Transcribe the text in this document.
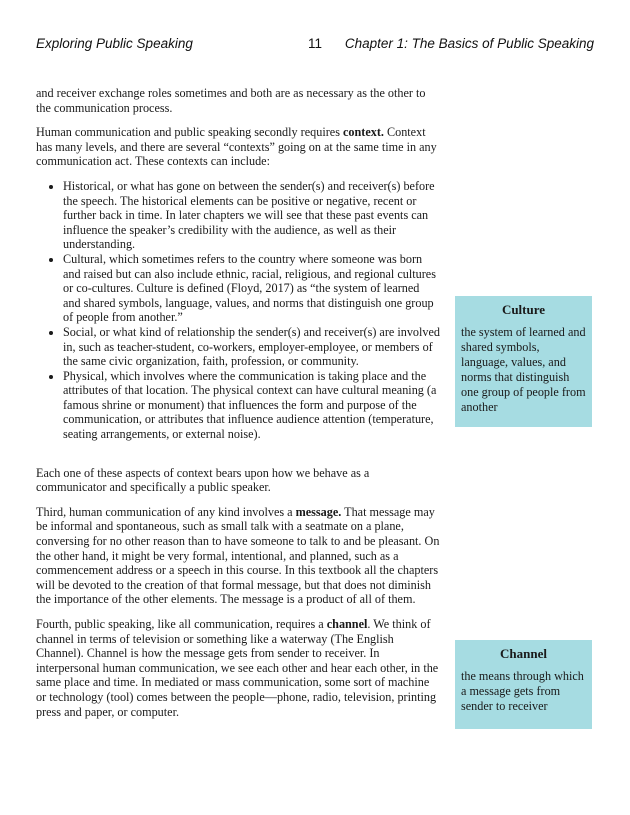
Exploring Public Speaking	11 Chapter 1: The Basics of Public Speaking

and receiver exchange roles sometimes and both are as necessary as the other to the communication process.

Human communication and public speaking secondly requires context. Context has many levels, and there are several “contexts” going on at the same time in any communication act. These contexts can include:

• Historical, or what has gone on between the sender(s) and receiver(s) before the speech. The historical elements can be positive or negative, recent or further back in time. In later chapters we will see that these past events can influence the speaker’s credibility with the audience, as well as their understanding.
• Cultural, which sometimes refers to the country where someone was born and raised but can also include ethnic, racial, religious, and regional cultures or co-cultures. Culture is defined (Floyd, 2017) as “the system of learned and shared symbols, language, values, and norms that distinguish one group of people from another.”
• Social, or what kind of relationship the sender(s) and receiver(s) are involved in, such as teacher-student, co-workers, employer-employee, or members of the same civic organization, faith, profession, or community.
• Physical, which involves where the communication is taking place and the attributes of that location. The physical context can have cultural meaning (a famous shrine or monument) that influences the form and purpose of the communication, or attributes that influence audience attention (temperature, seating arrangements, or external noise).

Each one of these aspects of context bears upon how we behave as a communicator and specifically a public speaker.

Third, human communication of any kind involves a message. That message may be informal and spontaneous, such as small talk with a seatmate on a plane, conversing for no other reason than to have someone to talk to and be pleasant. On the other hand, it might be very formal, intentional, and planned, such as a commencement address or a speech in this course. In this textbook all the chapters will be devoted to the creation of that formal message, but that does not diminish the importance of the other elements. The message is a product of all of them.

Fourth, public speaking, like all communication, requires a channel. We think of channel in terms of television or something like a waterway (The English Channel). Channel is how the message gets from sender to receiver. In interpersonal human communication, we see each other and hear each other, in the same place and time. In mediated or mass communication, some sort of machine or technology (tool) comes between the people—phone, radio, television, printing press and paper, or computer.

Culture
the system of learned and shared symbols, language, values, and norms that distinguish one group of people from another
Channel
the means through which a message gets from sender to receiver
